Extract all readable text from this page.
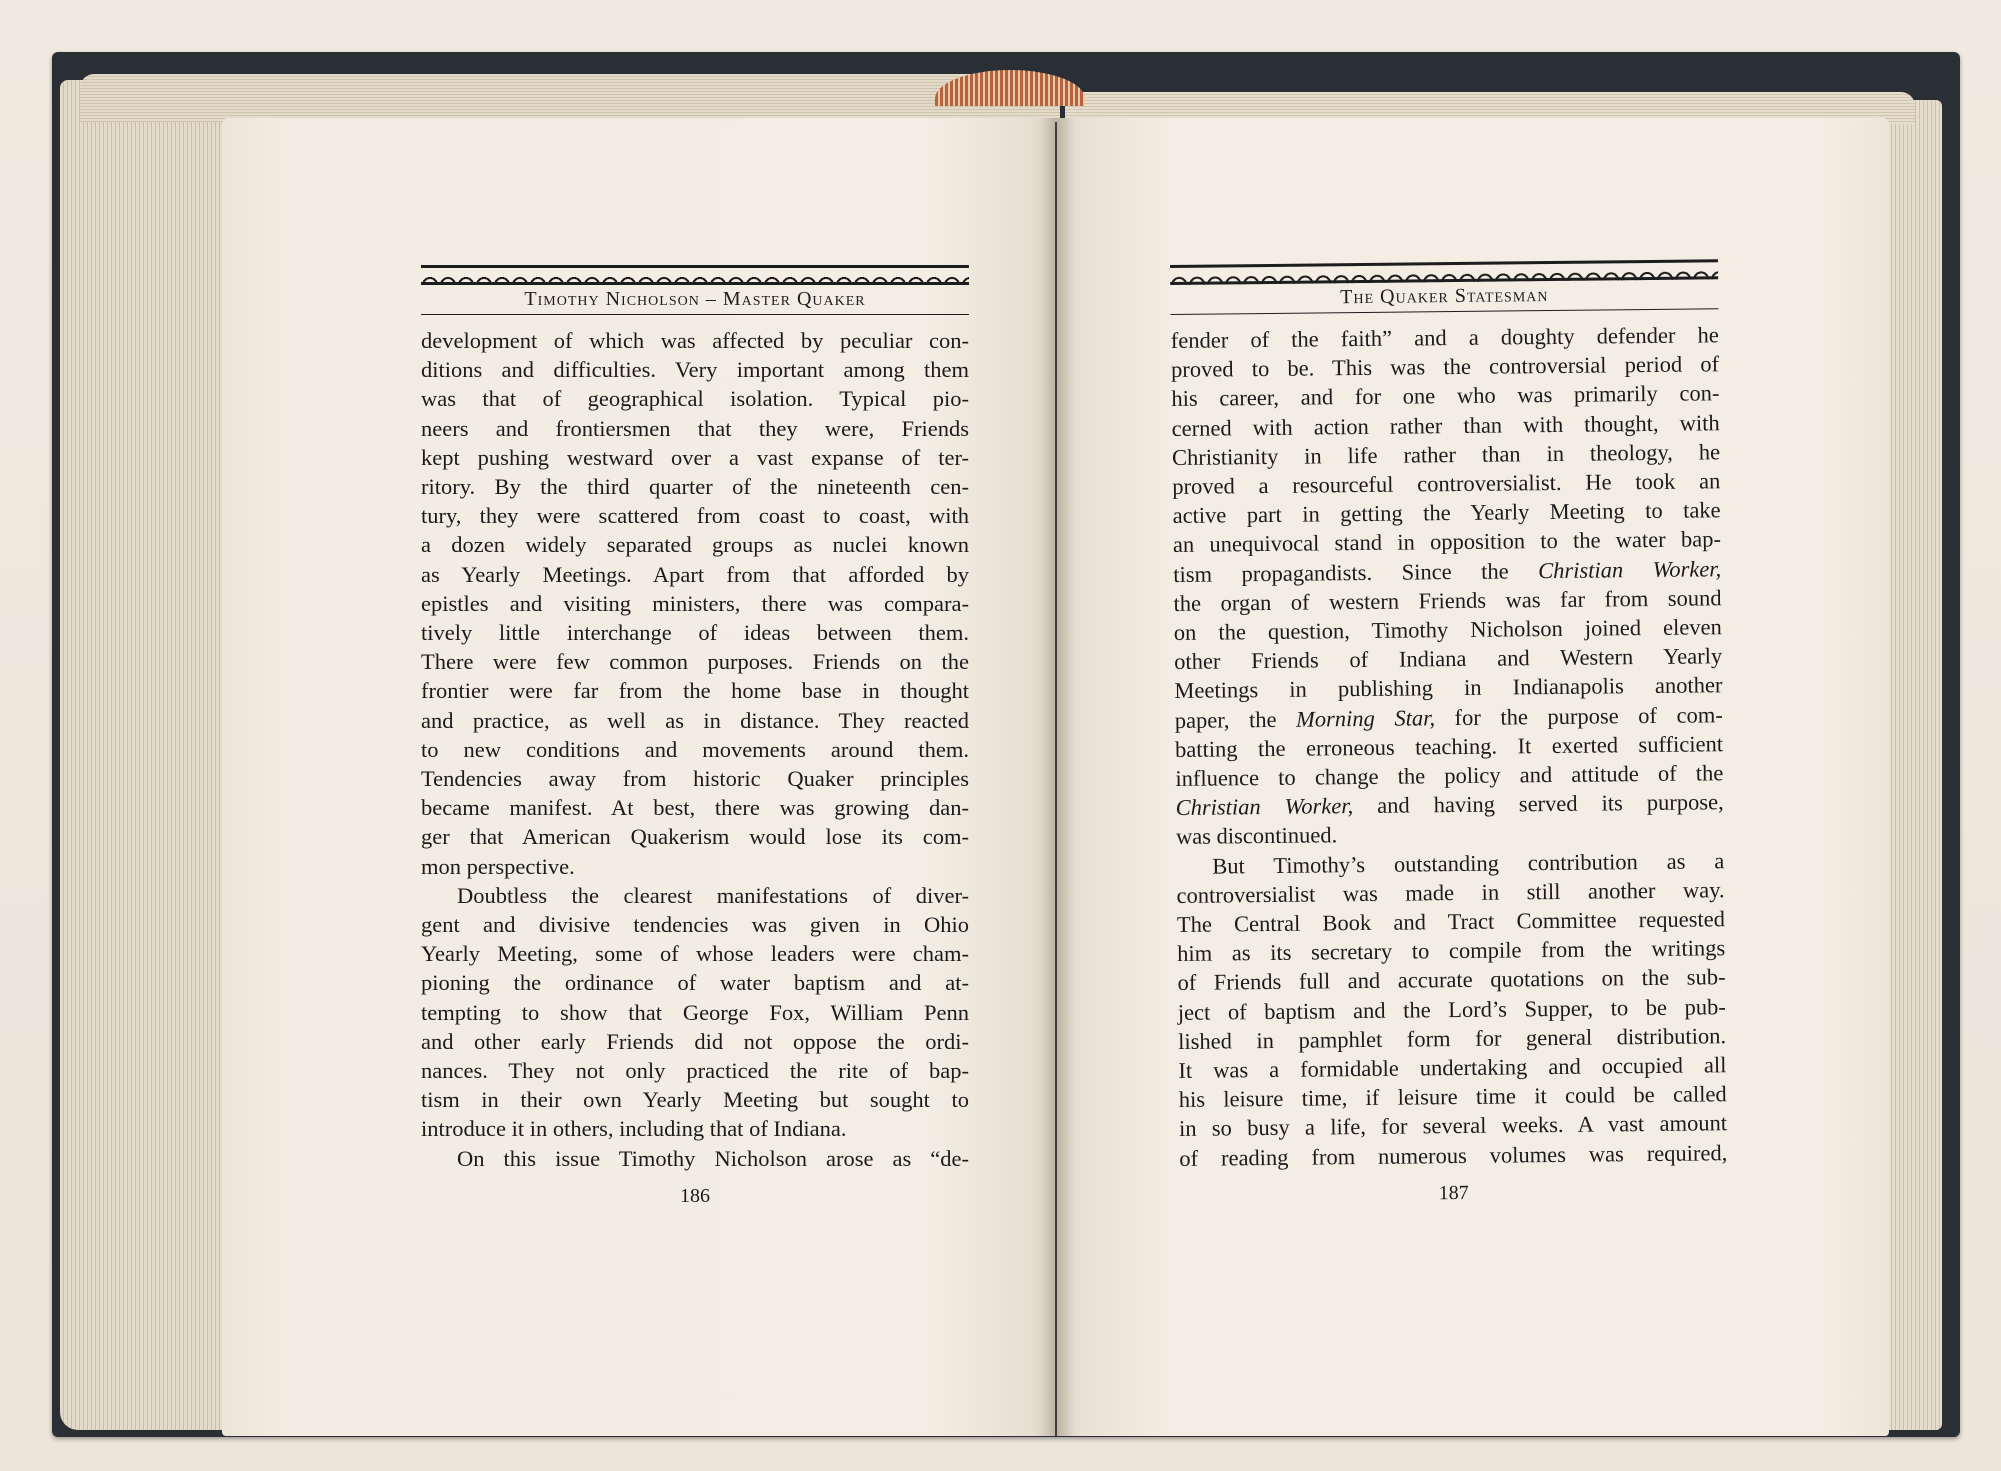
Timothy Nicholson – Master Quaker
development of which was affected by peculiar con-
ditions and difficulties. Very important among them
was that of geographical isolation. Typical pio-
neers and frontiersmen that they were, Friends
kept pushing westward over a vast expanse of ter-
ritory. By the third quarter of the nineteenth cen-
tury, they were scattered from coast to coast, with
a dozen widely separated groups as nuclei known
as Yearly Meetings. Apart from that afforded by
epistles and visiting ministers, there was compara-
tively little interchange of ideas between them.
There were few common purposes. Friends on the
frontier were far from the home base in thought
and practice, as well as in distance. They reacted
to new conditions and movements around them.
Tendencies away from historic Quaker principles
became manifest. At best, there was growing dan-
ger that American Quakerism would lose its com-
mon perspective.
Doubtless the clearest manifestations of diver-
gent and divisive tendencies was given in Ohio
Yearly Meeting, some of whose leaders were cham-
pioning the ordinance of water baptism and at-
tempting to show that George Fox, William Penn
and other early Friends did not oppose the ordi-
nances. They not only practiced the rite of bap-
tism in their own Yearly Meeting but sought to
introduce it in others, including that of Indiana.
On this issue Timothy Nicholson arose as “de-
186
The Quaker Statesman
fender of the faith” and a doughty defender he
proved to be. This was the controversial period of
his career, and for one who was primarily con-
cerned with action rather than with thought, with
Christianity in life rather than in theology, he
proved a resourceful controversialist. He took an
active part in getting the Yearly Meeting to take
an unequivocal stand in opposition to the water bap-
tism propagandists. Since the Christian Worker,
the organ of western Friends was far from sound
on the question, Timothy Nicholson joined eleven
other Friends of Indiana and Western Yearly
Meetings in publishing in Indianapolis another
paper, the Morning Star, for the purpose of com-
batting the erroneous teaching. It exerted sufficient
influence to change the policy and attitude of the
Christian Worker, and having served its purpose,
was discontinued.
But Timothy’s outstanding contribution as a
controversialist was made in still another way.
The Central Book and Tract Committee requested
him as its secretary to compile from the writings
of Friends full and accurate quotations on the sub-
ject of baptism and the Lord’s Supper, to be pub-
lished in pamphlet form for general distribution.
It was a formidable undertaking and occupied all
his leisure time, if leisure time it could be called
in so busy a life, for several weeks. A vast amount
of reading from numerous volumes was required,
187
